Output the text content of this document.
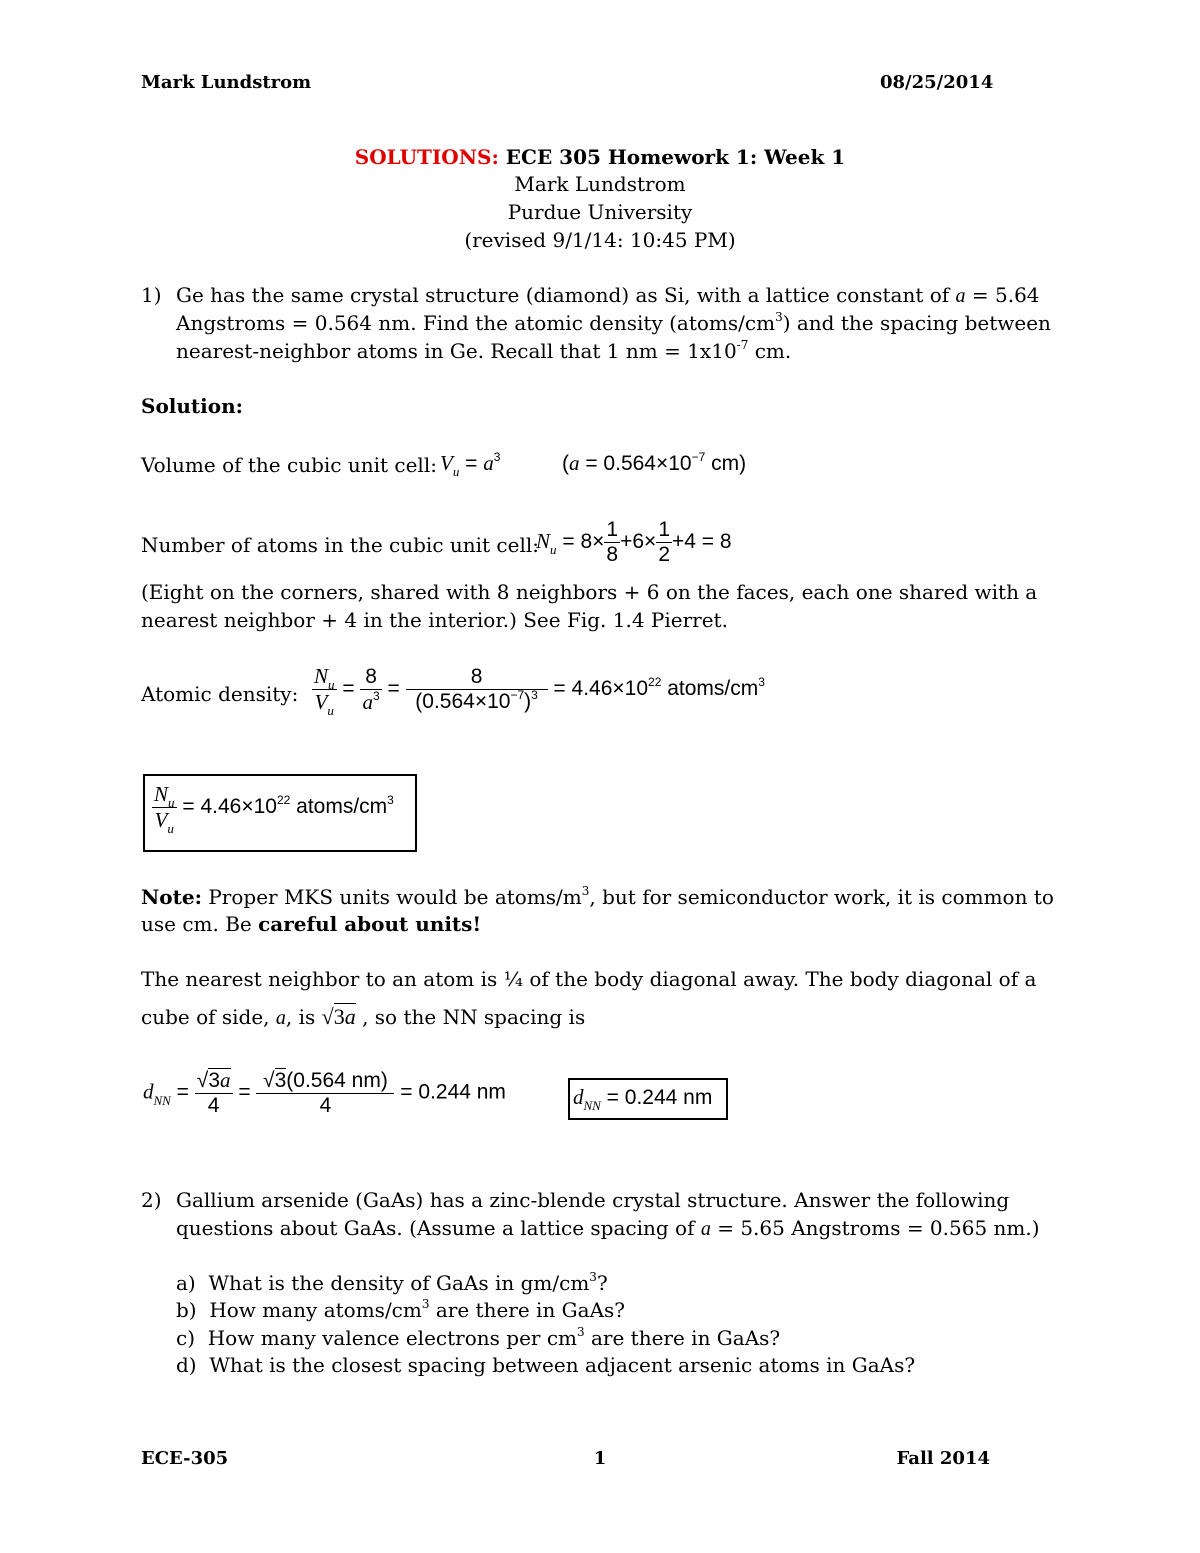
Mark Lundstrom	08/25/2014
SOLUTIONS: ECE 305 Homework 1: Week 1
Mark Lundstrom
Purdue University
(revised 9/1/14: 10:45 PM)
1) Ge has the same crystal structure (diamond) as Si, with a lattice constant of a = 5.64
Angstroms = 0.564 nm. Find the atomic density $(atoms/cm^3)$ and the spacing between
nearest-neighbor atoms in Ge. Recall that 1 nm = $1x10^{-7}$ cm.
Solution:
Volume of the cubic unit cell: $V_u = a^3$	($a = 0.564\times 10^{-7}$ cm)
Number of atoms in the cubic unit cell:
$N_u = 8\times \frac{1}{8} +6\times \frac{1}{2} +4 = 8$
(Eight on the corners, shared with 8 neighbors + 6 on the faces, each one shared with a
nearest neighbor + 4 in the interior.) See Fig. 1.4 Pierret.
Atomic density: $\frac{N_u}{V_u} = \frac{8}{a^3} = \frac{8}{(0.564\times 10^{-7})^3} = 4.46\times 10^{22}$ atoms/$cm^3$
$\frac{N_u}{V_u} = 4.46\times 10^{22}$ atoms/$cm^3$
Note: Proper MKS units would be atoms/$m^3$, but for semiconductor work, it is common to
use cm. Be careful about units!
The nearest neighbor to an atom is ¼ of the body diagonal away. The body diagonal of a
cube of side, a, is √3a , so the NN spacing is
$d_{NN} = \frac{√3a}{4} = \frac{√3(0.564 nm)}{4} = 0.244$ nm	$d_{NN} = 0.244$ nm
2) Gallium arsenide (GaAs) has a zinc-blende crystal structure. Answer the following
questions about GaAs. (Assume a lattice spacing of a = 5.65 Angstroms = 0.565 nm.)
a) What is the density of GaAs in $gm/cm^3$?
b) How many atoms/$cm^3$ are there in GaAs?
c) How many valence electrons per $cm^3$ are there in GaAs?
d) What is the closest spacing between adjacent arsenic atoms in GaAs?
ECE-305	1	Fall 2014
